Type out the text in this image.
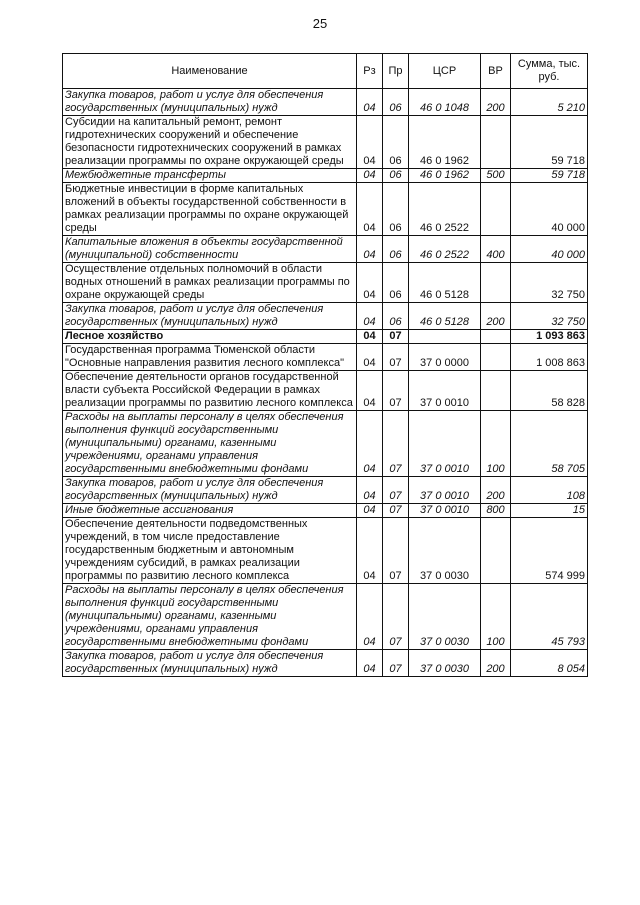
25
Наименование	Рз	Пр	ЦСР	ВР	Сумма, тыс. руб.
Закупка товаров, работ и услуг для обеспечения государственных (муниципальных) нужд	04	06	46 0 1048	200	5 210
Субсидии на капитальный ремонт, ремонт гидротехнических сооружений и обеспечение безопасности гидротехнических сооружений в рамках реализации программы по охране окружающей среды	04	06	46 0 1962		59 718
Межбюджетные трансферты	04	06	46 0 1962	500	59 718
Бюджетные инвестиции в форме капитальных вложений в объекты государственной собственности в рамках реализации программы по охране окружающей среды	04	06	46 0 2522		40 000
Капитальные вложения в объекты государственной (муниципальной) собственности	04	06	46 0 2522	400	40 000
Осуществление отдельных полномочий в области водных отношений в рамках реализации программы по охране окружающей среды	04	06	46 0 5128		32 750
Закупка товаров, работ и услуг для обеспечения государственных (муниципальных) нужд	04	06	46 0 5128	200	32 750
Лесное хозяйство	04	07			1 093 863
Государственная программа Тюменской области "Основные направления развития лесного комплекса"	04	07	37 0 0000		1 008 863
Обеспечение деятельности органов государственной власти субъекта Российской Федерации в рамках реализации программы по развитию лесного комплекса	04	07	37 0 0010		58 828
Расходы на выплаты персоналу в целях обеспечения выполнения функций государственными (муниципальными) органами, казенными учреждениями, органами управления государственными внебюджетными фондами	04	07	37 0 0010	100	58 705
Закупка товаров, работ и услуг для обеспечения государственных (муниципальных) нужд	04	07	37 0 0010	200	108
Иные бюджетные ассигнования	04	07	37 0 0010	800	15
Обеспечение деятельности подведомственных учреждений, в том числе предоставление государственным бюджетным и автономным учреждениям субсидий, в рамках реализации программы по развитию лесного комплекса	04	07	37 0 0030		574 999
Расходы на выплаты персоналу в целях обеспечения выполнения функций государственными (муниципальными) органами, казенными учреждениями, органами управления государственными внебюджетными фондами	04	07	37 0 0030	100	45 793
Закупка товаров, работ и услуг для обеспечения государственных (муниципальных) нужд	04	07	37 0 0030	200	8 054
